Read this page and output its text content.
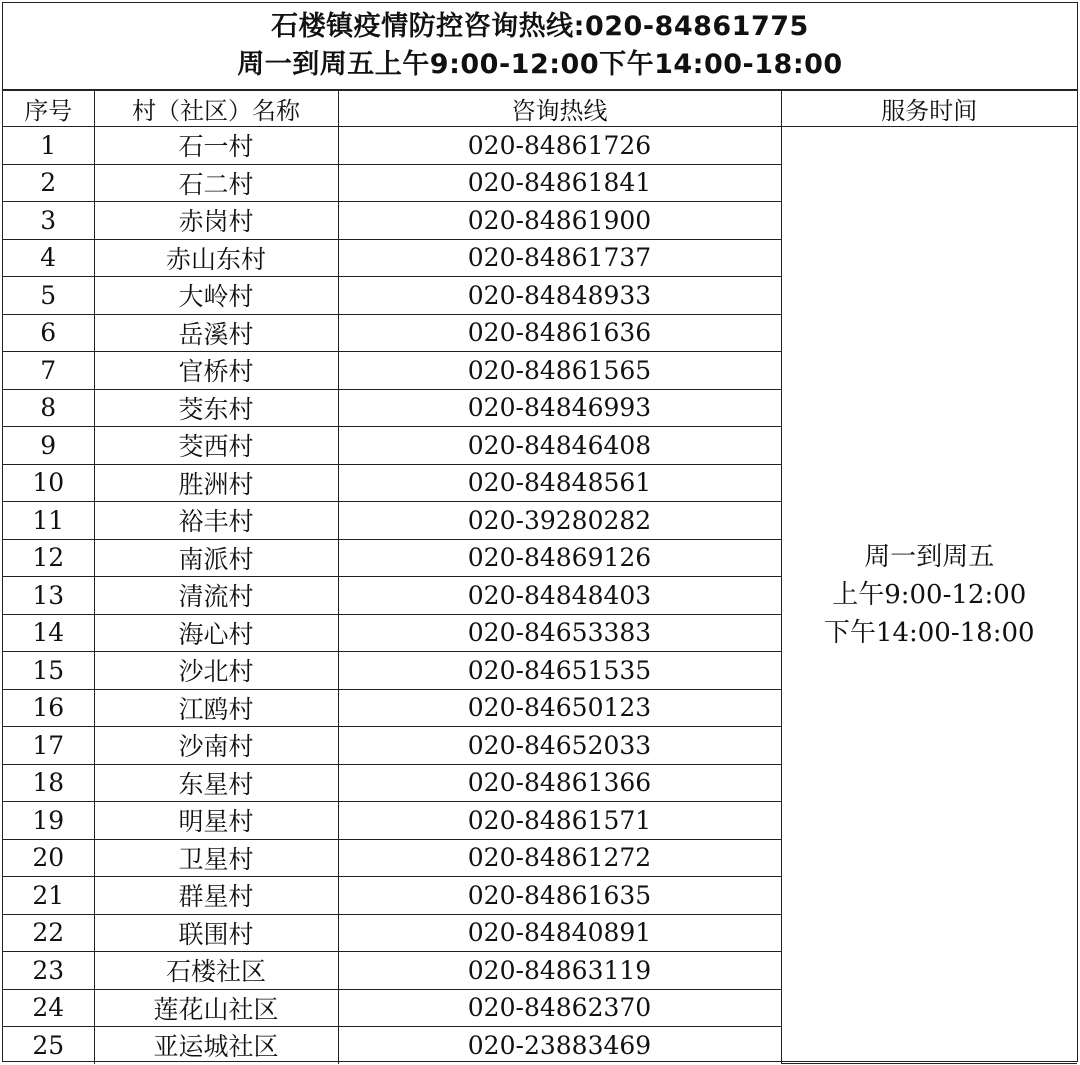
石楼镇疫情防控咨询热线:020-84861775
周一到周五上午9:00-12:00下午14:00-18:00
序号	村（社区）名称	咨询热线	服务时间
1	石一村	020-84861726	周一到周五
上午9:00-12:00
下午14:00-18:00

2	石二村	020-84861841	
3	赤岗村	020-84861900	
4	赤山东村	020-84861737	
5	大岭村	020-84848933	
6	岳溪村	020-84861636	
7	官桥村	020-84861565	
8	茭东村	020-84846993	
9	茭西村	020-84846408	
10	胜洲村	020-84848561	
11	裕丰村	020-39280282	
12	南派村	020-84869126	
13	清流村	020-84848403	
14	海心村	020-84653383	
15	沙北村	020-84651535	
16	江鸥村	020-84650123	
17	沙南村	020-84652033	
18	东星村	020-84861366	
19	明星村	020-84861571	
20	卫星村	020-84861272	
21	群星村	020-84861635	
22	联围村	020-84840891	
23	石楼社区	020-84863119	
24	莲花山社区	020-84862370	
25	亚运城社区	020-23883469	
